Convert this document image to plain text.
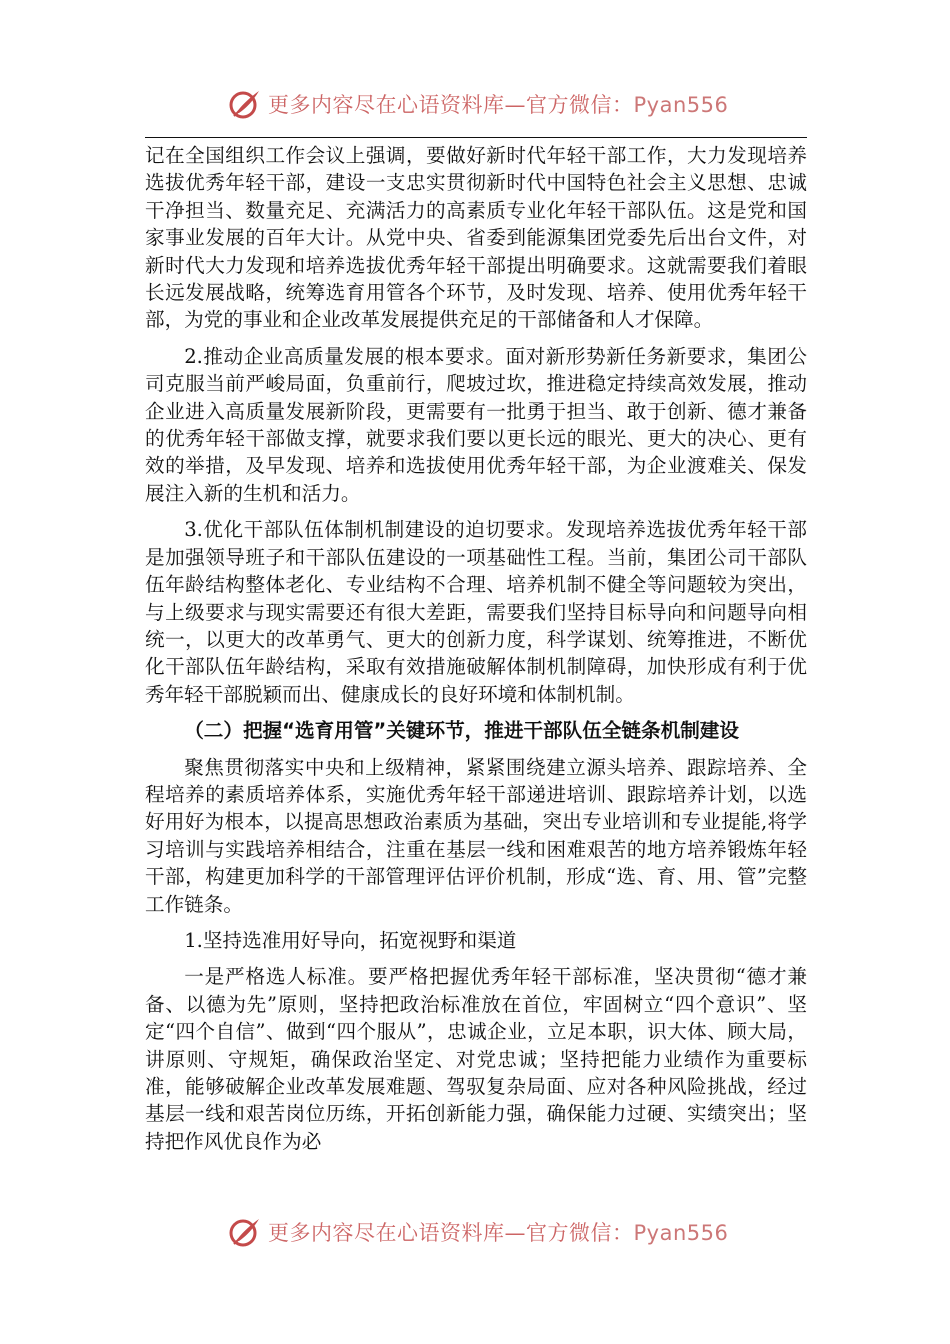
更多内容尽在心语资料库—官方微信：Pyan556

记在全国组织工作会议上强调，要做好新时代年轻干部工作，大力发现培养选拔优秀年轻干部，建设一支忠实贯彻新时代中国特色社会主义思想、忠诚干净担当、数量充足、充满活力的高素质专业化年轻干部队伍。这是党和国家事业发展的百年大计。从党中央、省委到能源集团党委先后出台文件，对新时代大力发现和培养选拔优秀年轻干部提出明确要求。这就需要我们着眼长远发展战略，统筹选育用管各个环节，及时发现、培养、使用优秀年轻干部，为党的事业和企业改革发展提供充足的干部储备和人才保障。

2.推动企业高质量发展的根本要求。面对新形势新任务新要求，集团公司克服当前严峻局面，负重前行，爬坡过坎，推进稳定持续高效发展，推动企业进入高质量发展新阶段，更需要有一批勇于担当、敢于创新、德才兼备的优秀年轻干部做支撑，就要求我们要以更长远的眼光、更大的决心、更有效的举措，及早发现、培养和选拔使用优秀年轻干部，为企业渡难关、保发展注入新的生机和活力。

3.优化干部队伍体制机制建设的迫切要求。发现培养选拔优秀年轻干部是加强领导班子和干部队伍建设的一项基础性工程。当前，集团公司干部队伍年龄结构整体老化、专业结构不合理、培养机制不健全等问题较为突出，与上级要求与现实需要还有很大差距，需要我们坚持目标导向和问题导向相统一，以更大的改革勇气、更大的创新力度，科学谋划、统筹推进，不断优化干部队伍年龄结构，采取有效措施破解体制机制障碍，加快形成有利于优秀年轻干部脱颖而出、健康成长的良好环境和体制机制。

（二）把握“选育用管”关键环节，推进干部队伍全链条机制建设

聚焦贯彻落实中央和上级精神，紧紧围绕建立源头培养、跟踪培养、全程培养的素质培养体系，实施优秀年轻干部递进培训、跟踪培养计划，以选好用好为根本，以提高思想政治素质为基础，突出专业培训和专业提能,将学习培训与实践培养相结合，注重在基层一线和困难艰苦的地方培养锻炼年轻干部，构建更加科学的干部管理评估评价机制，形成“选、育、用、管”完整工作链条。

1.坚持选准用好导向，拓宽视野和渠道

一是严格选人标准。要严格把握优秀年轻干部标准，坚决贯彻“德才兼备、以德为先”原则，坚持把政治标准放在首位，牢固树立“四个意识”、坚定“四个自信”、做到“四个服从”，忠诚企业，立足本职，识大体、顾大局，讲原则、守规矩，确保政治坚定、对党忠诚；坚持把能力业绩作为重要标准，能够破解企业改革发展难题、驾驭复杂局面、应对各种风险挑战，经过基层一线和艰苦岗位历练，开拓创新能力强，确保能力过硬、实绩突出；坚持把作风优良作为必

更多内容尽在心语资料库—官方微信：Pyan556
